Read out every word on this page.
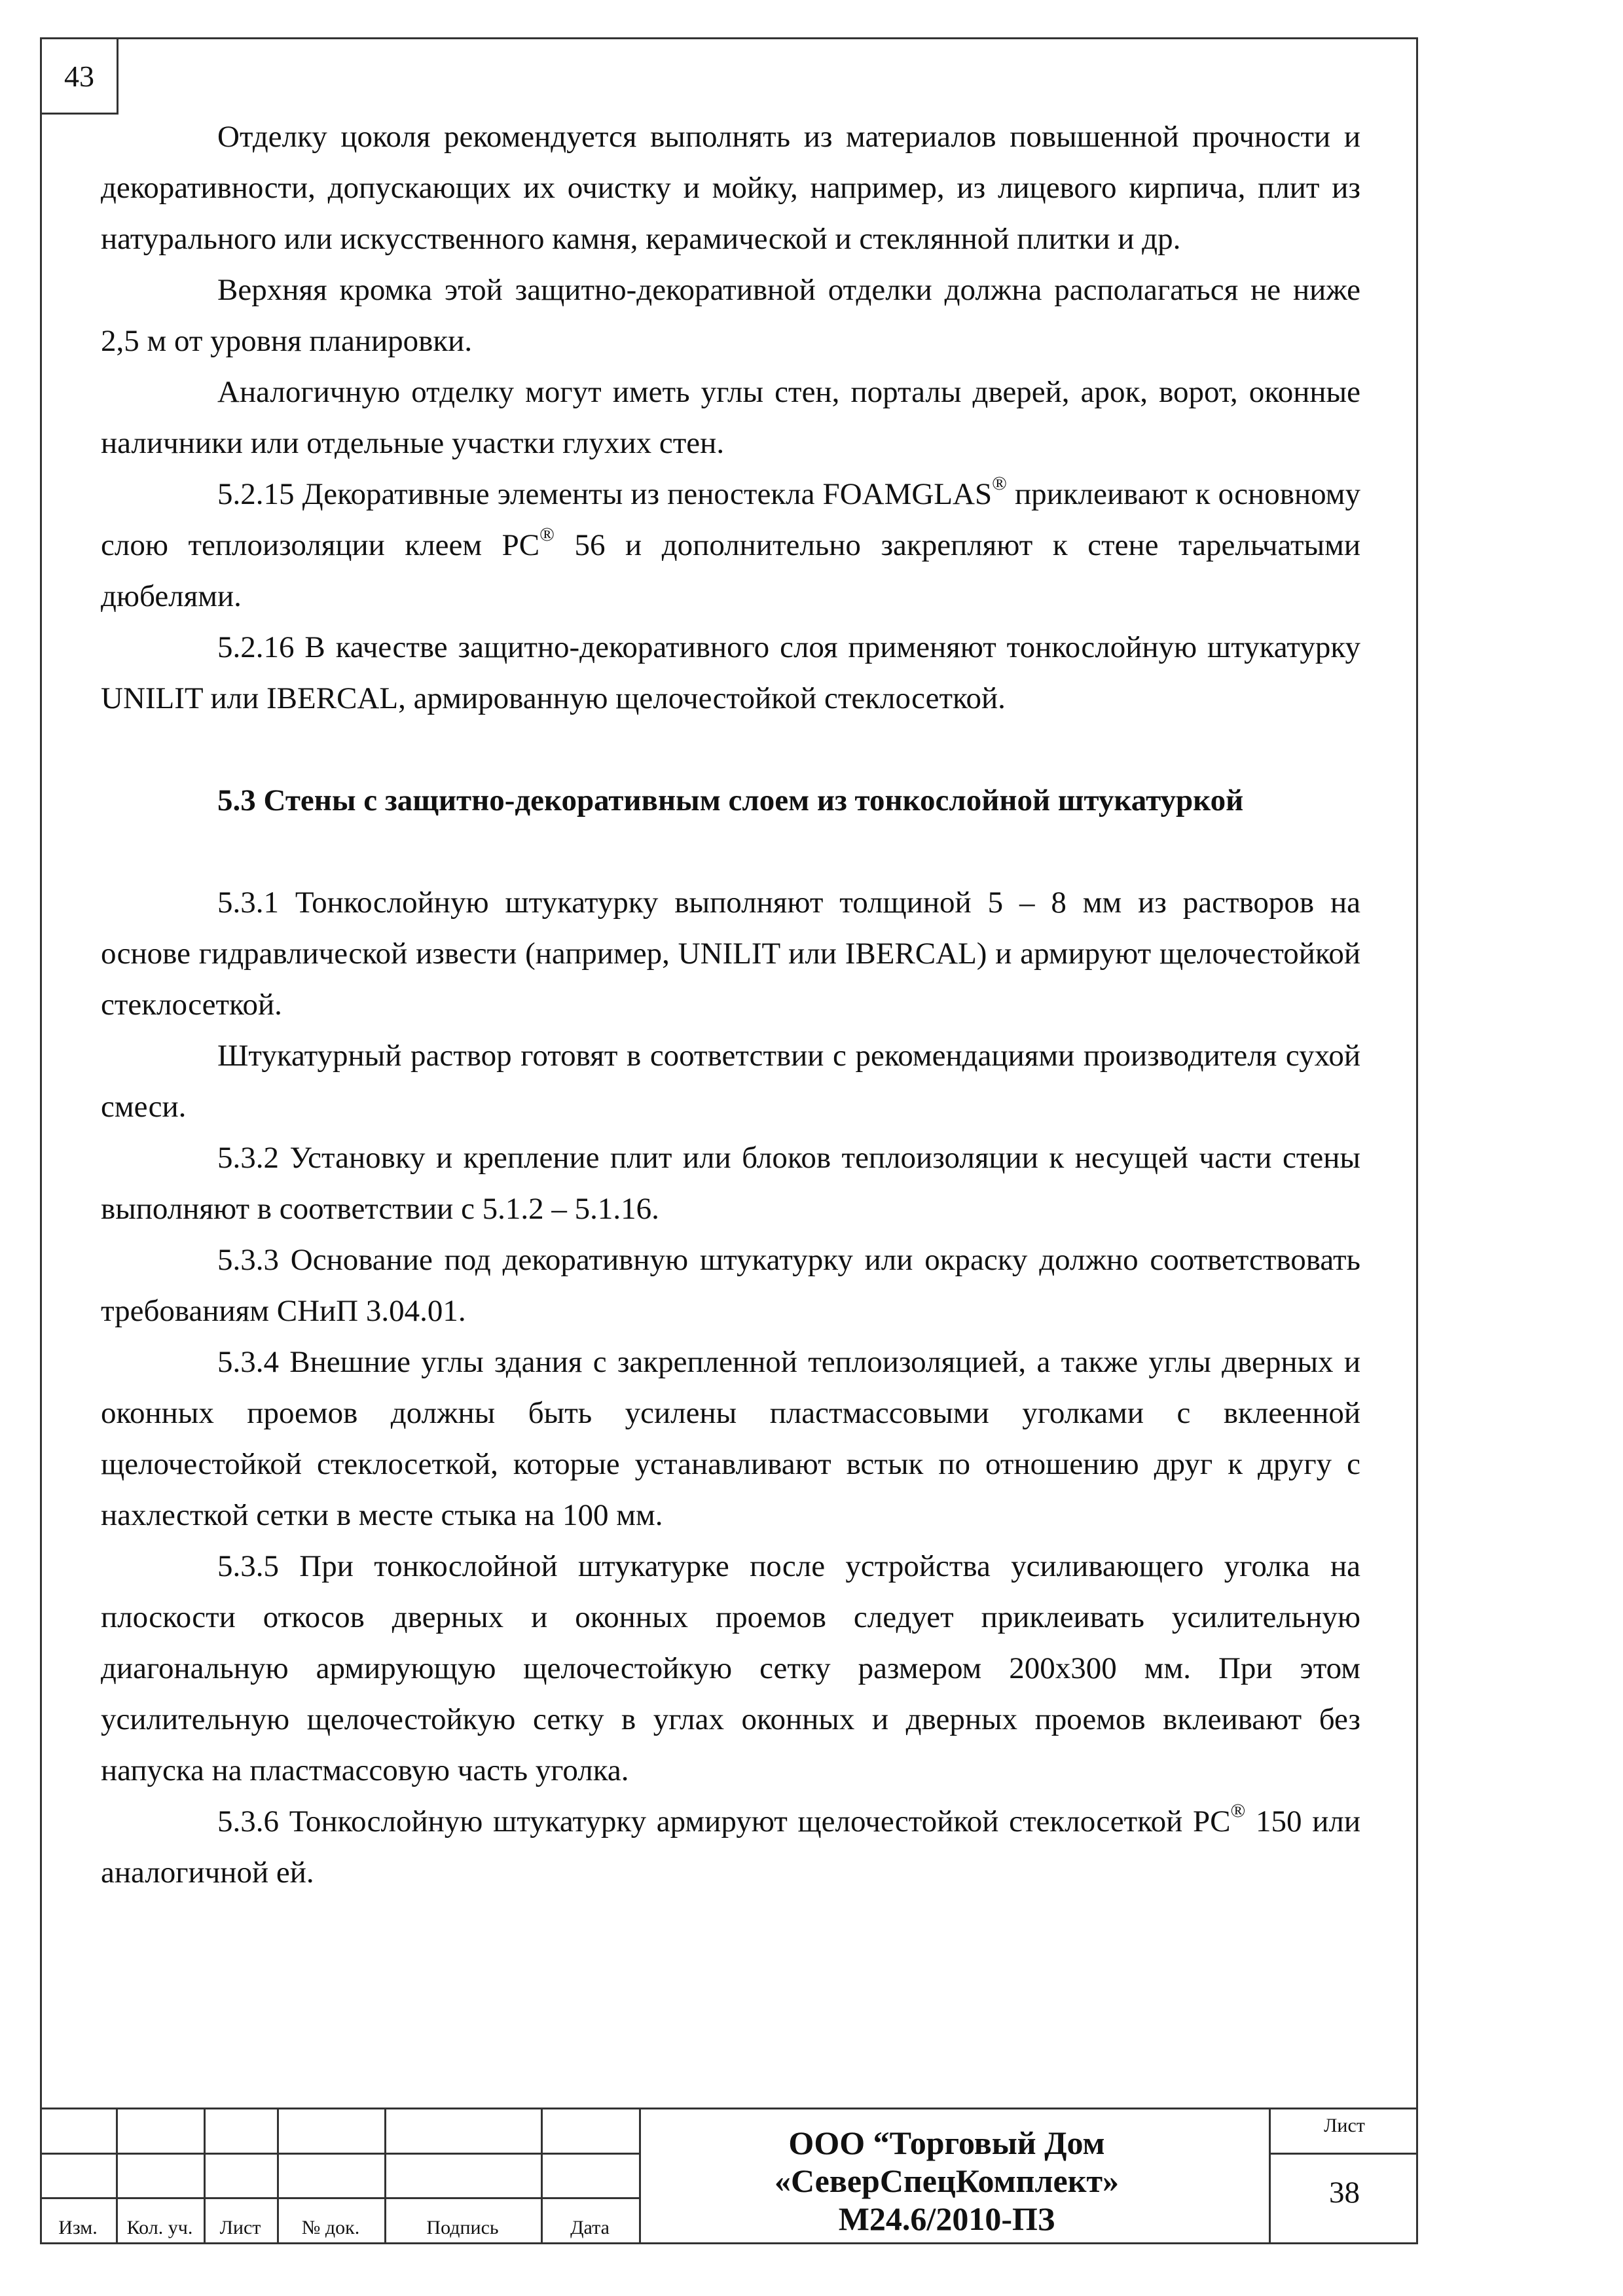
43

Отделку цоколя рекомендуется выполнять из материалов повышенной прочности и декоративности, допускающих их очистку и мойку, например, из лицевого кирпича, плит из натурального или искусственного камня, керамической и стеклянной плитки и др.

Верхняя кромка этой защитно-декоративной отделки должна располагаться не ниже 2,5 м от уровня планировки.

Аналогичную отделку могут иметь углы стен, порталы дверей, арок, ворот, оконные наличники или отдельные участки глухих стен.

5.2.15 Декоративные элементы из пеностекла FOAMGLAS® приклеивают к основному слою теплоизоляции клеем PC® 56 и дополнительно закрепляют к стене тарельчатыми дюбелями.

5.2.16 В качестве защитно-декоративного слоя применяют тонкослойную штукатурку UNILIT или IBERCAL, армированную щелочестойкой стеклосеткой.

5.3 Стены с защитно-декоративным слоем из тонкослойной штукатуркой

5.3.1 Тонкослойную штукатурку выполняют толщиной 5 – 8 мм из растворов на основе гидравлической извести (например, UNILIT или IBERCAL) и армируют щелочестойкой стеклосеткой.

Штукатурный раствор готовят в соответствии с рекомендациями производителя сухой смеси.

5.3.2 Установку и крепление плит или блоков теплоизоляции к несущей части стены выполняют в соответствии с 5.1.2 – 5.1.16.

5.3.3 Основание под декоративную штукатурку или окраску должно соответствовать требованиям СНиП 3.04.01.

5.3.4 Внешние углы здания с закрепленной теплоизоляцией, а также углы дверных и оконных проемов должны быть усилены пластмассовыми уголками с вклеенной щелочестойкой стеклосеткой, которые устанавливают встык по отношению друг к другу с нахлесткой сетки в месте стыка на 100 мм.

5.3.5 При тонкослойной штукатурке после устройства усиливающего уголка на плоскости откосов дверных и оконных проемов следует приклеивать усилительную диагональную армирующую щелочестойкую сетку размером 200х300 мм. При этом усилительную щелочестойкую сетку в углах оконных и дверных проемов вклеивают без напуска на пластмассовую часть уголка.

5.3.6 Тонкослойную штукатурку армируют щелочестойкой стеклосеткой PC® 150 или аналогичной ей.

Изм.	Кол. уч.	Лист	№ док.	Подпись	Дата
ООО “Торговый Дом
«СеверСпецКомплект»
М24.6/2010-ПЗ
Лист
38
